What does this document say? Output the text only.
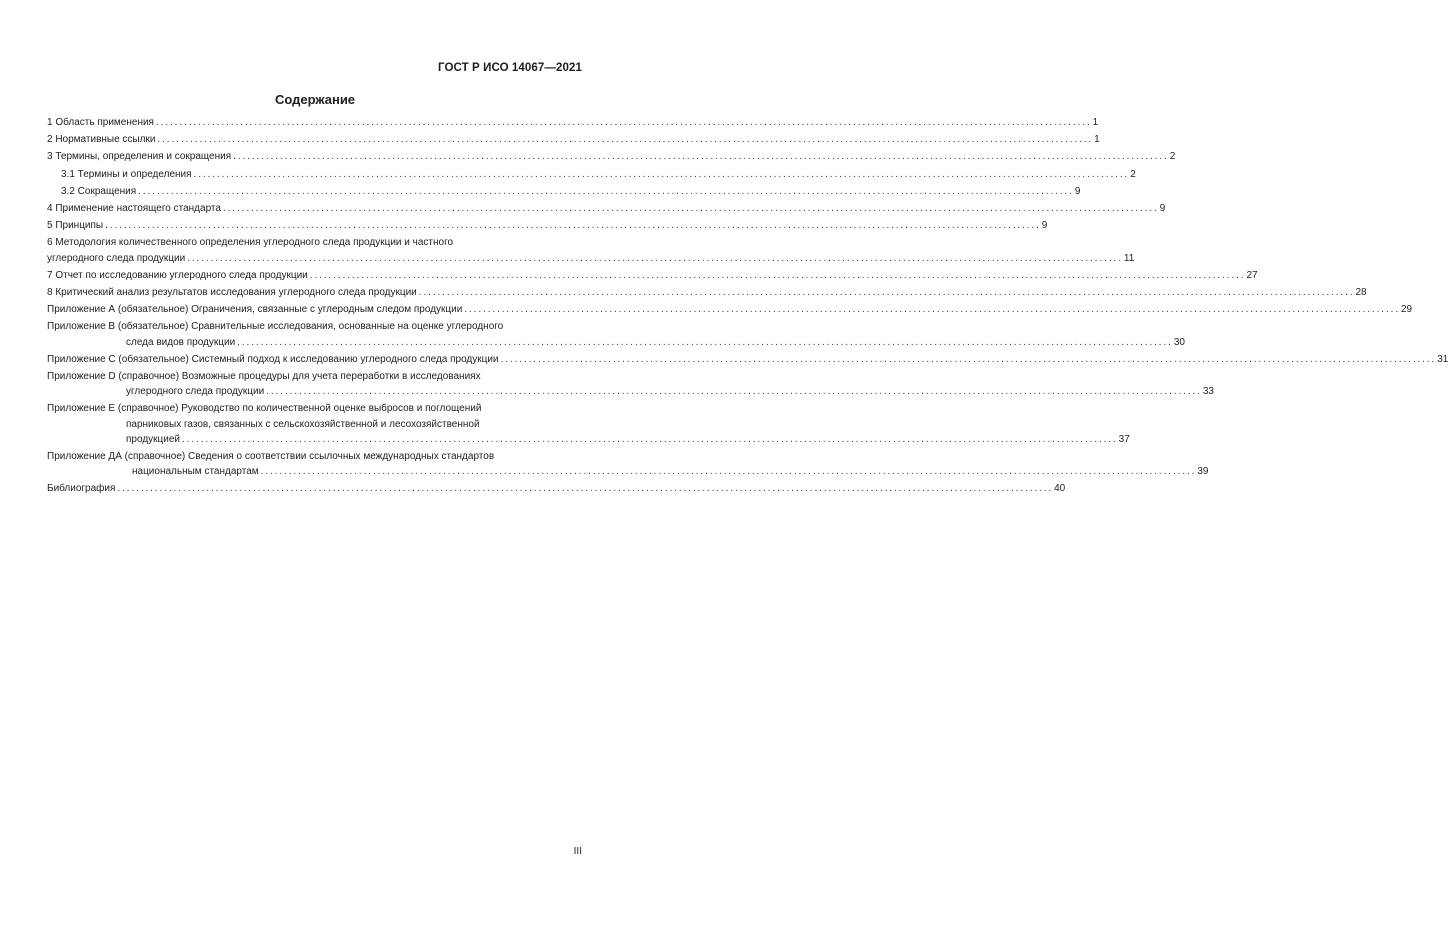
ГОСТ Р ИСО 14067—2021
Содержание
1 Область применения ........................................................................................................................................................................................................ 1
2 Нормативные ссылки ........................................................................................................................................................................................................ 1
3 Термины, определения и сокращения ........................................................................................................................................................................................................ 2
3.1 Термины и определения ........................................................................................................................................................................................................ 2
3.2 Сокращения ........................................................................................................................................................................................................ 9
4 Применение настоящего стандарта ........................................................................................................................................................................................................ 9
5 Принципы ........................................................................................................................................................................................................ 9
6 Методология количественного определения углеродного следа продукции и частного
углеродного следа продукции ........................................................................................................................................................................................................ 11
7 Отчет по исследованию углеродного следа продукции ........................................................................................................................................................................................................ 27
8 Критический анализ результатов исследования углеродного следа продукции ........................................................................................................................................................................................................ 28
Приложение А (обязательное) Ограничения, связанные с углеродным следом продукции ........................................................................................................................................................................................................ 29
Приложение В (обязательное) Сравнительные исследования, основанные на оценке углеродного
следа видов продукции ........................................................................................................................................................................................................ 30
Приложение С (обязательное) Системный подход к исследованию углеродного следа продукции ........................................................................................................................................................................................................ 31
Приложение D (справочное) Возможные процедуры для учета переработки в исследованиях
углеродного следа продукции ........................................................................................................................................................................................................ 33
Приложение Е (справочное) Руководство по количественной оценке выбросов и поглощений
парниковых газов, связанных с сельскохозяйственной и лесохозяйственной
продукцией ........................................................................................................................................................................................................ 37
Приложение ДА (справочное) Сведения о соответствии ссылочных международных стандартов
национальным стандартам ........................................................................................................................................................................................................ 39
Библиография ........................................................................................................................................................................................................ 40
III
